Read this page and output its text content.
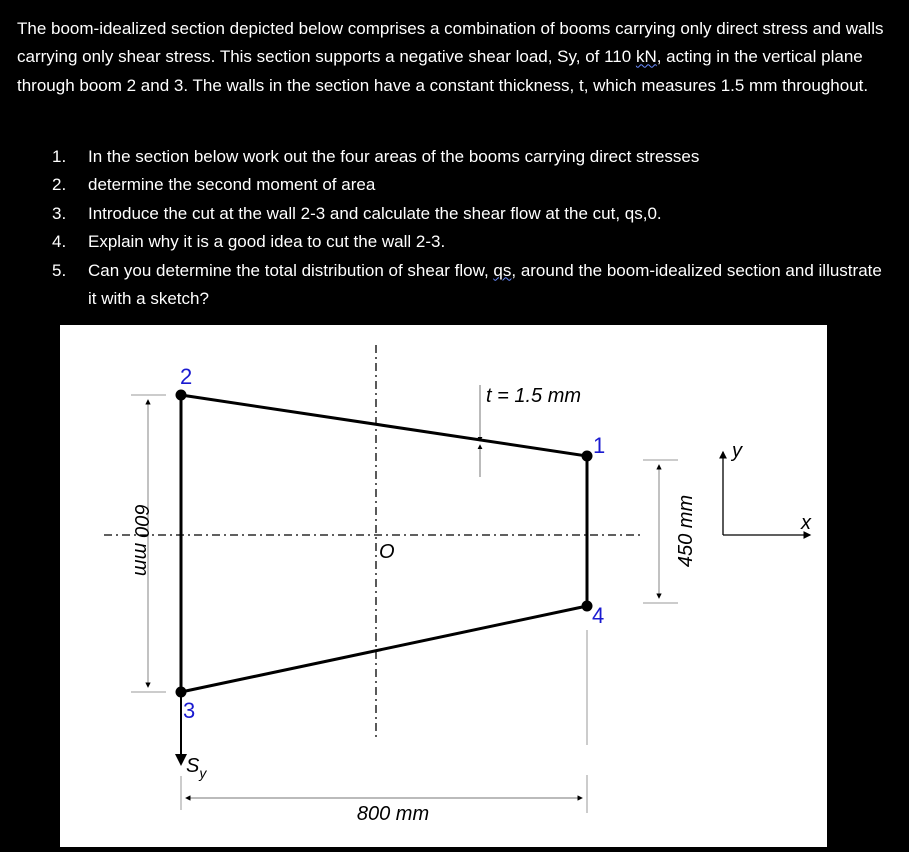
The boom-idealized section depicted below comprises a combination of booms carrying only direct stress and walls carrying only shear stress. This section supports a negative shear load, Sy, of 110 kN, acting in the vertical plane through boom 2 and 3. The walls in the section have a constant thickness, t, which measures 1.5 mm throughout.
1. In the section below work out the four areas of the booms carrying direct stresses
2. determine the second moment of area
3. Introduce the cut at the wall 2-3 and calculate the shear flow at the cut, qs,0.
4. Explain why it is a good idea to cut the wall 2-3.
5. Can you determine the total distribution of shear flow, qs, around the boom-idealized section and illustrate it with a sketch?
1
2
3
4
t = 1.5 mm
600 mm	450 mm
800 mm
O
$S_y$
y
x
